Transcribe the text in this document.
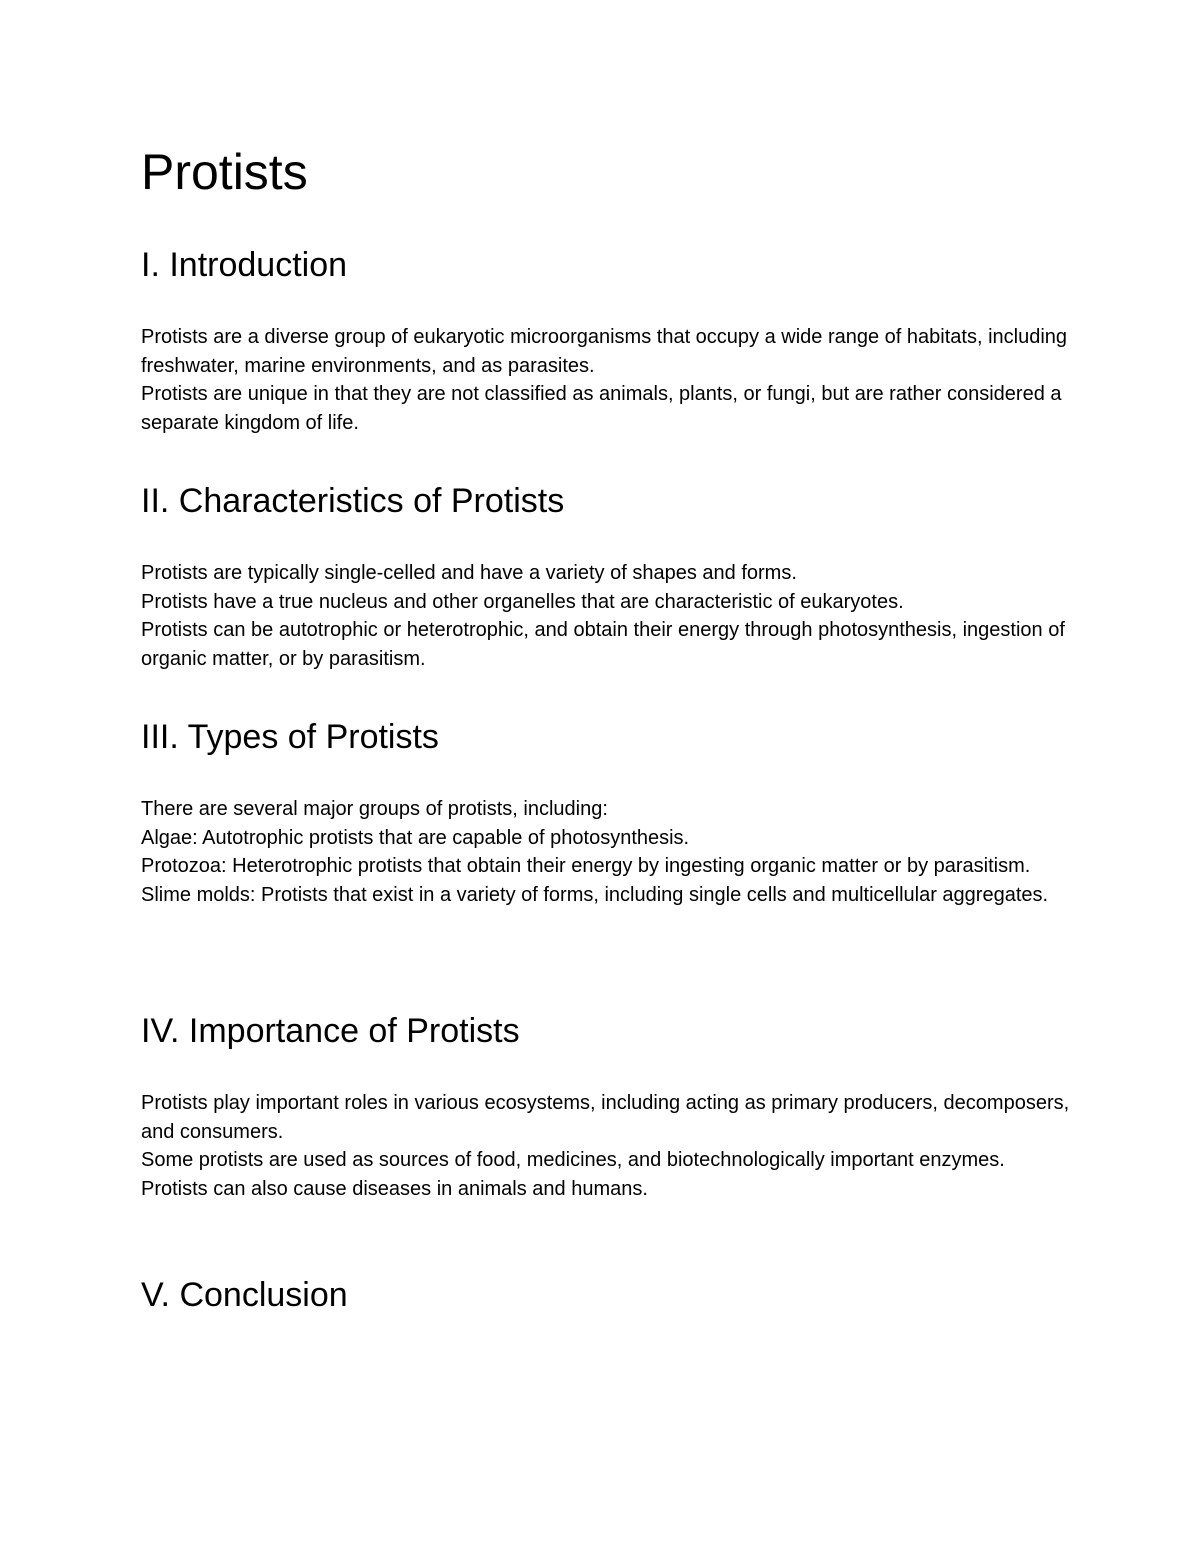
Protists
I. Introduction

Protists are a diverse group of eukaryotic microorganisms that occupy a wide range of habitats, including freshwater, marine environments, and as parasites.

Protists are unique in that they are not classified as animals, plants, or fungi, but are rather considered a separate kingdom of life.

II. Characteristics of Protists

Protists are typically single-celled and have a variety of shapes and forms.

Protists have a true nucleus and other organelles that are characteristic of eukaryotes.

Protists can be autotrophic or heterotrophic, and obtain their energy through photosynthesis, ingestion of organic matter, or by parasitism.

III. Types of Protists

There are several major groups of protists, including:

Algae: Autotrophic protists that are capable of photosynthesis.

Protozoa: Heterotrophic protists that obtain their energy by ingesting organic matter or by parasitism.

Slime molds: Protists that exist in a variety of forms, including single cells and multicellular aggregates.

IV. Importance of Protists

Protists play important roles in various ecosystems, including acting as primary producers, decomposers, and consumers.

Some protists are used as sources of food, medicines, and biotechnologically important enzymes.

Protists can also cause diseases in animals and humans.

V. Conclusion
